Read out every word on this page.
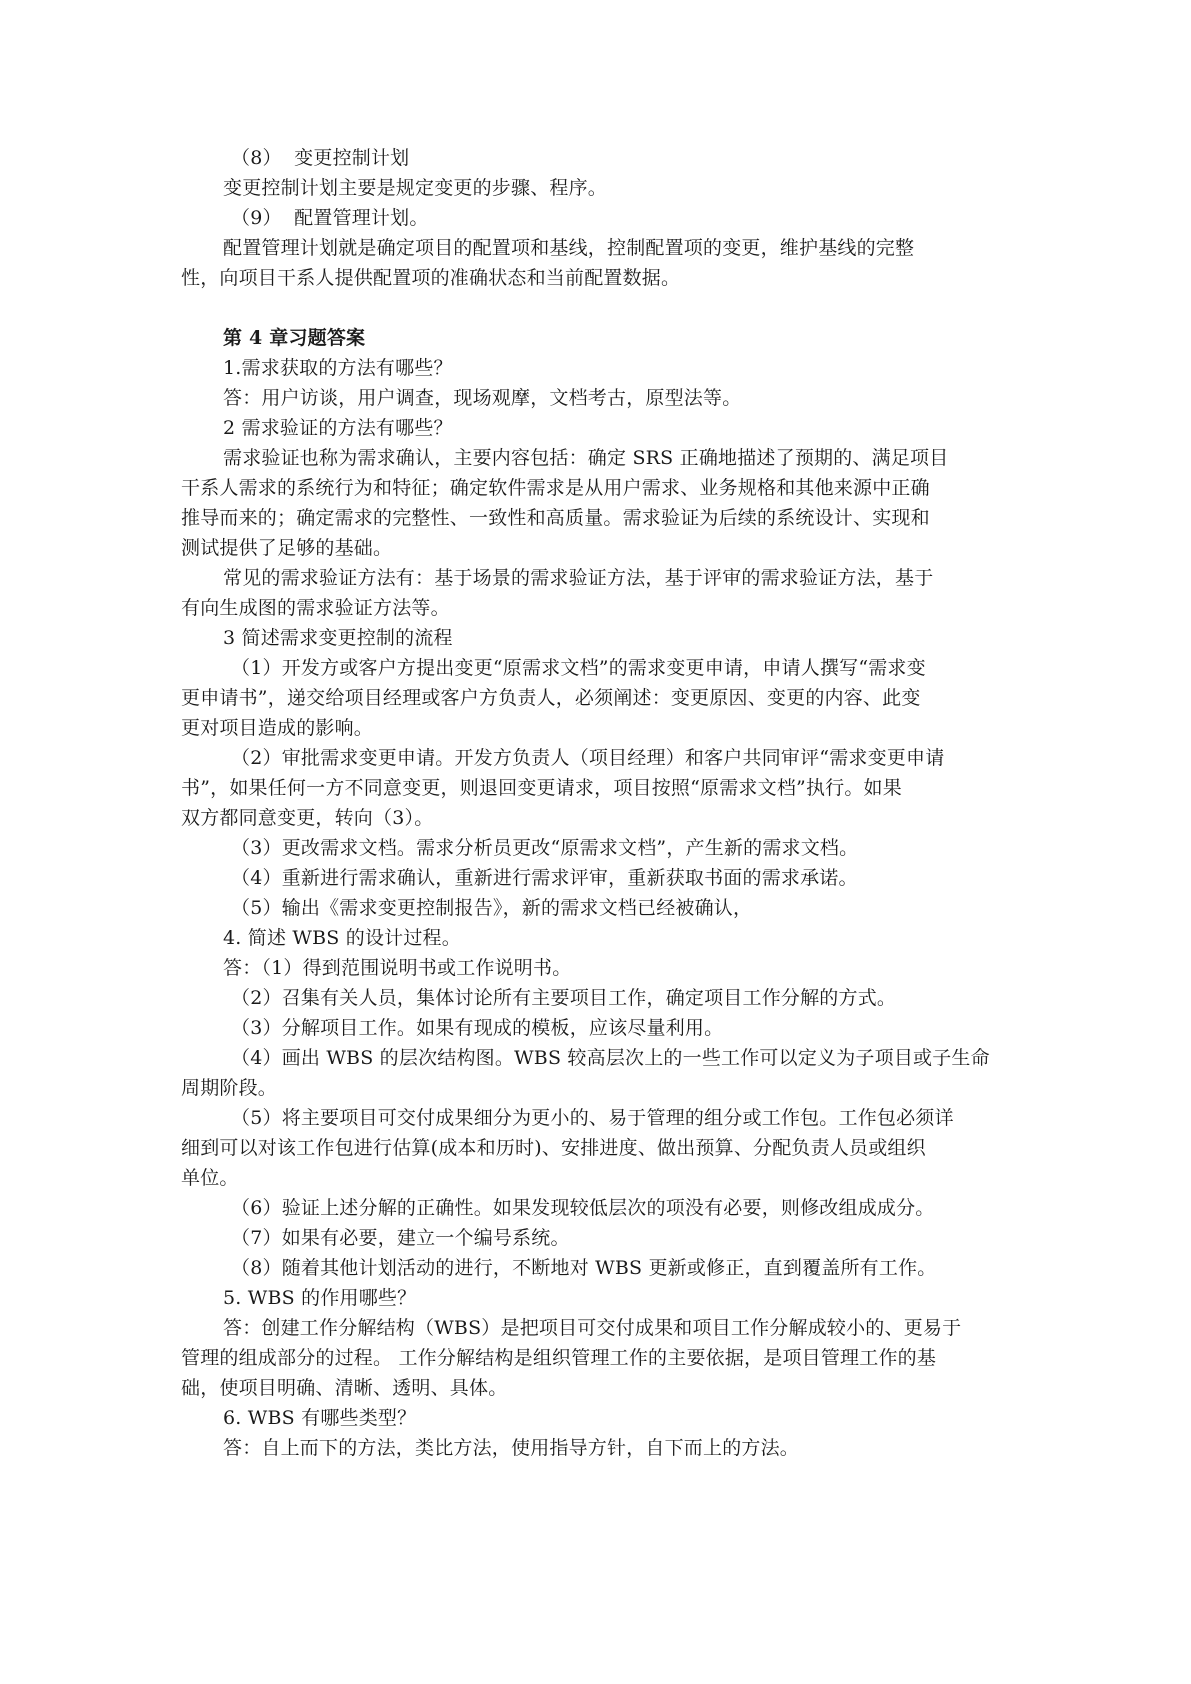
（8）  变更控制计划
变更控制计划主要是规定变更的步骤、程序。
（9）  配置管理计划。
配置管理计划就是确定项目的配置项和基线，控制配置项的变更，维护基线的完整
性，向项目干系人提供配置项的准确状态和当前配置数据。
第 4 章习题答案
1.需求获取的方法有哪些？
答：用户访谈，用户调查，现场观摩，文档考古，原型法等。
2 需求验证的方法有哪些？
需求验证也称为需求确认，主要内容包括：确定 SRS 正确地描述了预期的、满足项目
干系人需求的系统行为和特征；确定软件需求是从用户需求、业务规格和其他来源中正确
推导而来的；确定需求的完整性、一致性和高质量。需求验证为后续的系统设计、实现和
测试提供了足够的基础。
常见的需求验证方法有：基于场景的需求验证方法，基于评审的需求验证方法，基于
有向生成图的需求验证方法等。
3 简述需求变更控制的流程
（1）开发方或客户方提出变更“原需求文档”的需求变更申请，申请人撰写“需求变
更申请书”，递交给项目经理或客户方负责人，必须阐述：变更原因、变更的内容、此变
更对项目造成的影响。
（2）审批需求变更申请。开发方负责人（项目经理）和客户共同审评“需求变更申请
书”，如果任何一方不同意变更，则退回变更请求，项目按照“原需求文档”执行。如果
双方都同意变更，转向（3）。
（3）更改需求文档。需求分析员更改“原需求文档”，产生新的需求文档。
（4）重新进行需求确认，重新进行需求评审，重新获取书面的需求承诺。
（5）输出《需求变更控制报告》，新的需求文档已经被确认，
4. 简述 WBS 的设计过程。
答：（1）得到范围说明书或工作说明书。
（2）召集有关人员，集体讨论所有主要项目工作，确定项目工作分解的方式。
（3）分解项目工作。如果有现成的模板，应该尽量利用。
（4）画出 WBS 的层次结构图。WBS 较高层次上的一些工作可以定义为子项目或子生命
周期阶段。
（5）将主要项目可交付成果细分为更小的、易于管理的组分或工作包。工作包必须详
细到可以对该工作包进行估算(成本和历时)、安排进度、做出预算、分配负责人员或组织
单位。
（6）验证上述分解的正确性。如果发现较低层次的项没有必要，则修改组成成分。
（7）如果有必要，建立一个编号系统。
（8）随着其他计划活动的进行，不断地对 WBS 更新或修正，直到覆盖所有工作。
5. WBS 的作用哪些？
答：创建工作分解结构（WBS）是把项目可交付成果和项目工作分解成较小的、更易于
管理的组成部分的过程。 工作分解结构是组织管理工作的主要依据，是项目管理工作的基
础，使项目明确、清晰、透明、具体。
6. WBS 有哪些类型？
答：自上而下的方法，类比方法，使用指导方针，自下而上的方法。
